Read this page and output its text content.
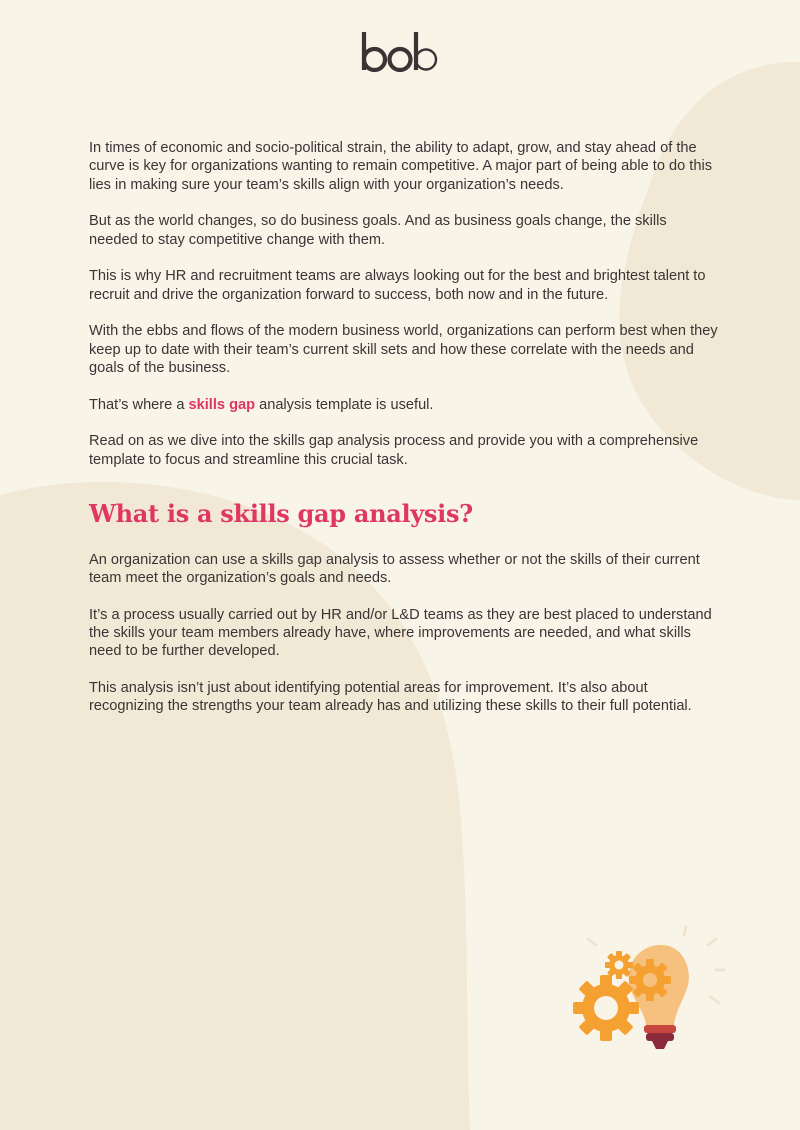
In times of economic and socio-political strain, the ability to adapt, grow, and stay ahead of the curve is key for organizations wanting to remain competitive. A major part of being able to do this lies in making sure your team’s skills align with your organization’s needs.

But as the world changes, so do business goals. And as business goals change, the skills needed to stay competitive change with them.

This is why HR and recruitment teams are always looking out for the best and brightest talent to recruit and drive the organization forward to success, both now and in the future.

With the ebbs and flows of the modern business world, organizations can perform best when they keep up to date with their team’s current skill sets and how these correlate with the needs and goals of the business.

That’s where a skills gap analysis template is useful.

Read on as we dive into the skills gap analysis process and provide you with a comprehensive template to focus and streamline this crucial task.

What is a skills gap analysis?

An organization can use a skills gap analysis to assess whether or not the skills of their current team meet the organization’s goals and needs.

It’s a process usually carried out by HR and/or L&D teams as they are best placed to understand the skills your team members already have, where improvements are needed, and what skills need to be further developed.

This analysis isn’t just about identifying potential areas for improvement. It’s also about recognizing the strengths your team already has and utilizing these skills to their full potential.
